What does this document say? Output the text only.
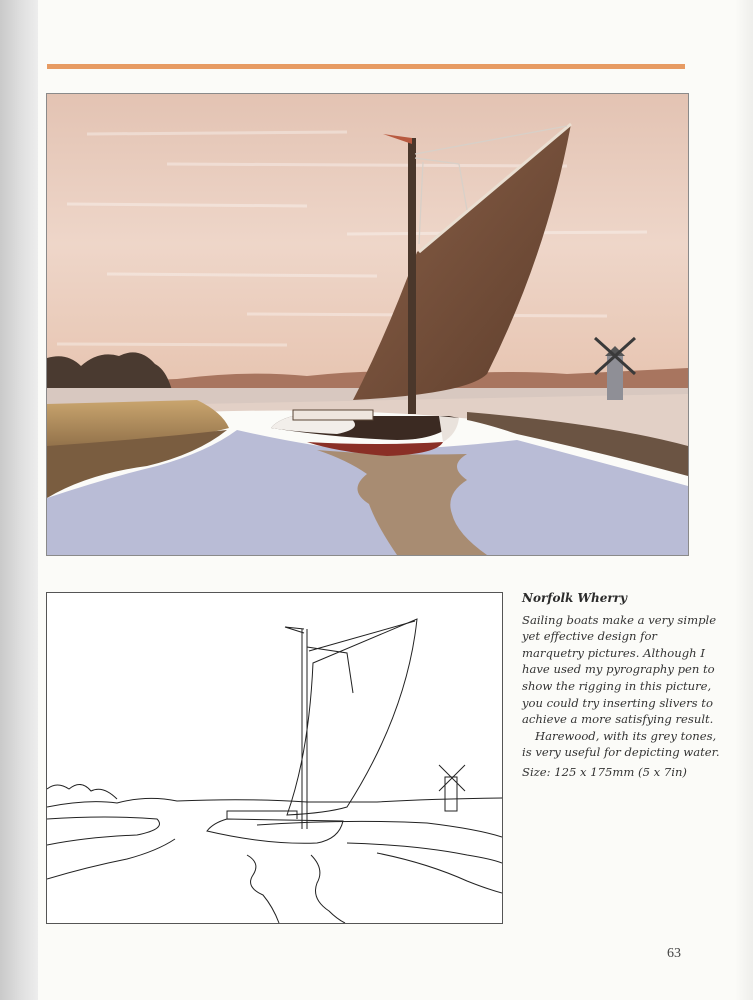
Norfolk Wherry

Sailing boats make a very simple yet effective design for marquetry pictures. Although I have used my pyrography pen to show the rigging in this picture, you could try inserting slivers to achieve a more satisfying result.

Harewood, with its grey tones, is very useful for depicting water.

Size: 125 x 175mm (5 x 7in)

63
